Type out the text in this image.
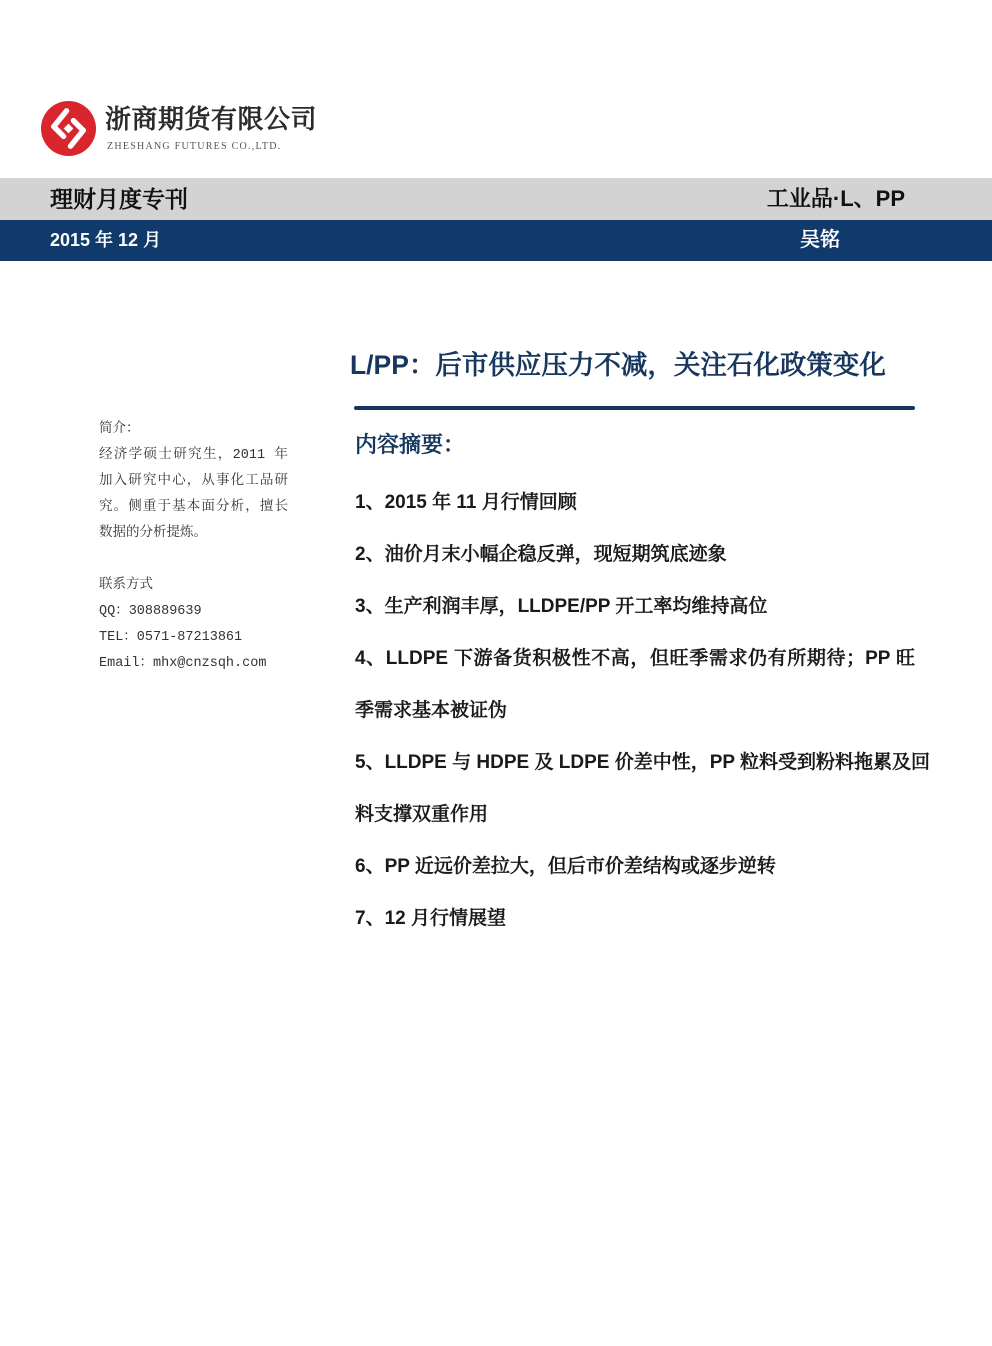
浙商期货有限公司
ZHESHANG FUTURES CO.,LTD.
理财月度专刊	工业品·L、PP
2015 年 12 月	吴铭
L/PP：后市供应压力不减，关注石化政策变化
简介：
经济学硕士研究生，2011 年
加入研究中心，从事化工品研
究。侧重于基本面分析，擅长
数据的分析提炼。
联系方式
QQ：308889639
TEL：0571-87213861
Email：mhx@cnzsqh.com
内容摘要：
1、2015 年 11 月行情回顾
2、油价月末小幅企稳反弹，现短期筑底迹象
3、生产利润丰厚，LLDPE/PP 开工率均维持高位
4、LLDPE 下游备货积极性不高，但旺季需求仍有所期待；PP 旺
季需求基本被证伪
5、LLDPE 与 HDPE 及 LDPE 价差中性，PP 粒料受到粉料拖累及回
料支撑双重作用
6、PP 近远价差拉大，但后市价差结构或逐步逆转
7、12 月行情展望
